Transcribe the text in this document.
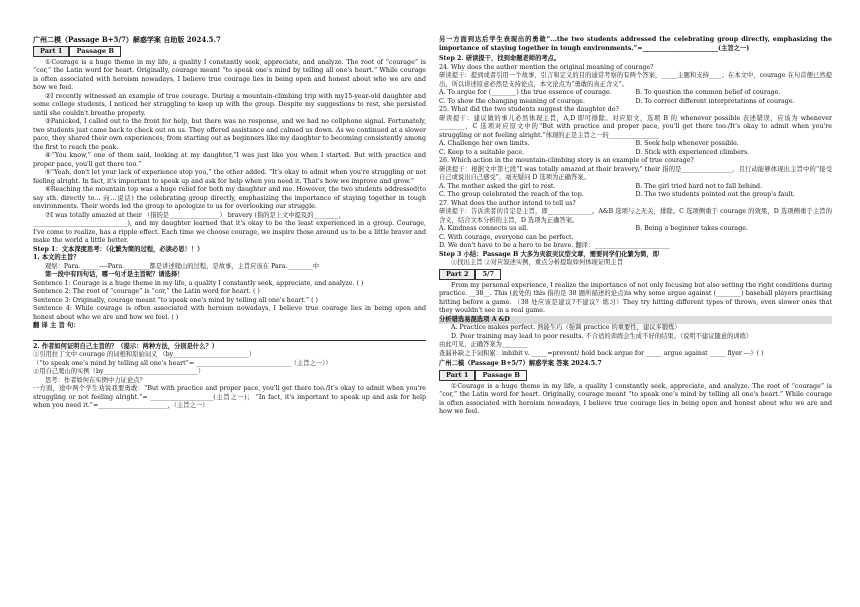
广州二模（Passage B+5/7）解惑学案 自助版 2024.5.7
Part 1	Passage B

①Courage is a huge theme in my life, a quality I constantly seek, appreciate, and analyze. The root of “courage” is “cor,” the Latin word for heart. Originally, courage meant “to speak one’s mind by telling all one's heart.” While courage is often associated with heroism nowadays, I believe true courage lies in being open and honest about who we are and how we feel.

②I recently witnessed an example of true courage. During a mountain-climbing trip with my15-year-old daughter and some college students, I noticed her struggling to keep up with the group. Despite my suggestions to rest, she persisted until she couldn't breathe properly.

③Panicked, I called out to the front for help, but there was no response, and we had no cellphone signal. Fortunately, two students just came back to check out on us. They offered assistance and calmed us down. As we continued at a slower pace, they shared their own experiences, from starting out as beginners like my daughter to becoming consistently among the first to reach the peak.

④“You know,” one of them said, looking at my daughter,“I was just like you when I started. But with practice and proper pace, you'll get there too.”

⑤“Yeah, don't let your lack of experience stop you,” the other added. “It's okay to admit when you're struggling or not feeling alright. In fact, it's important to speak up and ask for help when you need it. That's how we improve and grow.”

⑥Reaching the mountain top was a huge relief for both my daughter and me. However, the two students addressed(to say sth. directly to… 向…说话) the celebrating group directly, emphasizing the importance of staying together in tough environments. Their words led the group to apologize to us for overlooking our struggle.

⑦I was totally amazed at their （指的是________________） bravery (指的是上文中提及的________，

______________________________), and my daughter learned that it's okay to be the least experienced in a group. Courage, I've come to realize, has a ripple effect. Each time we choose courage, we inspire those around us to be a little braver and make the world a little better.

Step 1：文本深度思考：（化繁为简的过程，必读必思！！）

1. 本文的主旨？

观察：Para.______----Para.________都是讲述爬山的过程，是故事，主旨应该在 Para.________中

第一段中有四句话，哪一句才是主旨呢？请选择！

Sentence 1: Courage is a huge theme in my life, a quality I constantly seek, appreciate, and analyze. ( )

Sentence 2: The root of “courage” is “cor,” the Latin word for heart. ( )

Sentence 3: Originally, courage meant “to speak one’s mind by telling all one's heart.” ( )

Sentence 4: While courage is often associated with heroism nowadays, I believe true courage lies in being open and honest about who we are and how we feel. ( )

翻 译 主 旨 句：

2. 作者如何证明自己主旨的？（提示：两种方法，分别是什么？）

①引用拉丁文中 courage 的词根和原始词义 （by________________________）

（“to speak one’s mind by telling all one's heart”= ______________________________（主旨之一））

②用自己爬山的实例（by______________________________）

思考：作者如何在实例中力证论点？

一方面，途中两个学生劝说我要勇敢：“But with practice and proper pace, you'll get there too./It’s okay to admit when you're struggling or not feeling alright.”= ____________________(主旨之一)； “In fact, it's important to speak up and ask for help when you need it.”=______________________，（主旨之一）

另一方面到达后学生表现出的勇敢“...the two students addressed the celebrating group directly, emphasizing the importance of staying together in tough environments.”=________________________(主旨之一)

Step 2. 研读提干，找到命题老师的考点。

24. Why does the author mention the original meaning of courage?

研读提干：提到或者引用一个故事，引言和定义的目的通常考察的有两个答案，_____主题和支持____；在本文中，courage 在句首便已然提出，所以讲述原意必然是支持论点，本文论点为“勇敢的真正含义”。

A. To argue for (________) the true essence of courage.	B. To question the common belief of courage.
C. To show the changing meaning of courage.	D. To correct different interpretations of courage.

25. What did the two students suggest the daughter do?

研读提干：建议做的事儿必然体现主旨，A,D 即可排除。对应原文，选项 B 的 whenever possible 表述错误，应该为 whenever ________，C 选项对应原文中的“But with practice and proper pace, you'll get there too./It’s okay to admit when you're struggling or not feeling alright.”体现的正是主旨之一的________________

A. Challenge her own limits.	B. Seek help whenever possible.
C. Keep to a suitable pace.	D. Stick with experienced climbers.

26. Which action in the mountain-climbing story is an example of true courage?

研读提干：根据文中第七段“I was totally amazed at their bravery,” their 指的是________________，且行动能够体现出主旨中的“接受自己或说出自己感受”，毫无疑问 D 选项为正确答案。

A. The mother asked the girl to rest.	B. The girl tried hard not to fall behind.
C. The group celebrated the reach of the top.	D. The two students pointed out the group's fault.

27. What does the author intend to tell us?

研读提干：告诉读者的肯定是主旨，即______________。A&B 选项与之无关，排除。C 选项侧重于 courage 的效果，D 选项侧重于主旨的含义，结合文本分析的主旨，D 选项为正确答案。

A. Kindness connects us all.	B. Being a beginner takes courage.

C. With courage, everyone can be perfect.

D. We don't have to be a hero to be brave. 翻译：________________________

Step 3 小结：Passage B 大多为夹叙夹议型文章，需要同学们化繁为简，即

①找出主旨 ②对应叙述实例，重点分析提取如何体现证明主旨

Part 2	5/7

From my personal experience, I realize the importance of not only focusing but also setting the right conditions during practice. __38__. This (此处的 this 指的是 38 题所描述的论点)is why some argue against (________) baseball players practising hitting before a game. （38 处应该是建议?不建议？练习）They try hitting different types of throws, even slower ones that they wouldn't see in a real game.

分析错选易混选项 A &D

A. Practice makes perfect. 熟能生巧（强调 practice 的重要性，建议多锻炼）

D. Poor training may lead to poor results. 不合适的训练会生成不好的结果。（说明不建议随意的训练）

由此可见，正确答案为________

查漏补缺之于词积累：inhibit v. _____=prevent/ hold back argue for _____ argue against _____ flyer ---》( )

广州二模（Passage B+5/7）解惑学案 答案 2024.5.7

Part 1	Passage B

①Courage is a huge theme in my life, a quality I constantly seek, appreciate, and analyze. The root of “courage” is “cor,” the Latin word for heart. Originally, courage meant “to speak one’s mind by telling all one's heart.” While courage is often associated with heroism nowadays, I believe true courage lies in being open and honest about who we are and how we feel.
